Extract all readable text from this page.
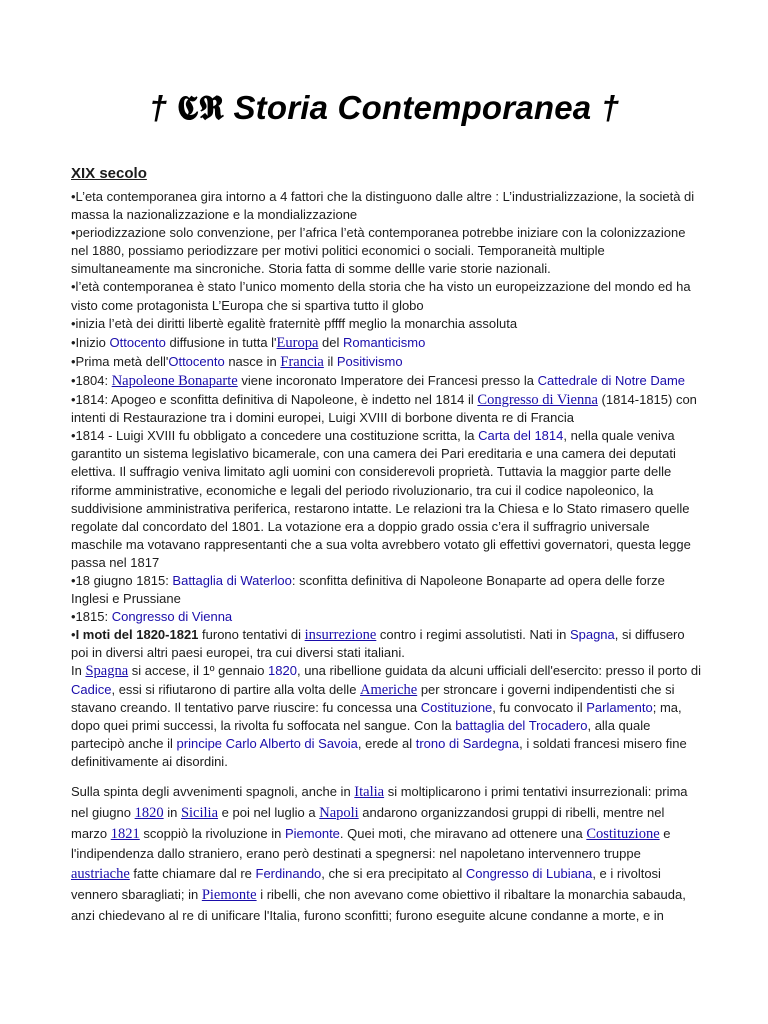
† 𝕮𝕽 Storia Contemporanea †
XIX secolo

•L’eta contemporanea gira intorno a 4 fattori che la distinguono dalle altre : L’industrializzazione, la società di massa la nazionalizzazione e la mondializzazione

•periodizzazione solo convenzione, per l’africa l’età contemporanea potrebbe iniziare con la colonizzazione nel 1880, possiamo periodizzare per motivi politici economici o sociali. Temporaneità multiple simultaneamente ma sincroniche. Storia fatta di somme dellle varie storie nazionali.

•l’età contemporanea è stato l’unico momento della storia che ha visto un europeizzazione del mondo ed ha visto come protagonista L’Europa che si spartiva tutto il globo

•inizia l’età dei diritti libertè egalitè fraternitè pffff meglio la monarchia assoluta

•Inizio Ottocento diffusione in tutta l'Europa del Romanticismo

•Prima metà dell'Ottocento nasce in Francia il Positivismo

•1804: Napoleone Bonaparte viene incoronato Imperatore dei Francesi presso la Cattedrale di Notre Dame

•1814: Apogeo e sconfitta definitiva di Napoleone, è indetto nel 1814 il Congresso di Vienna (1814-1815) con intenti di Restaurazione tra i domini europei, Luigi XVIII di borbone diventa re di Francia

•1814 - Luigi XVIII fu obbligato a concedere una costituzione scritta, la Carta del 1814, nella quale veniva garantito un sistema legislativo bicamerale, con una camera dei Pari ereditaria e una camera dei deputati elettiva. Il suffragio veniva limitato agli uomini con considerevoli proprietà. Tuttavia la maggior parte delle riforme amministrative, economiche e legali del periodo rivoluzionario, tra cui il codice napoleonico, la suddivisione amministrativa periferica, restarono intatte. Le relazioni tra la Chiesa e lo Stato rimasero quelle regolate dal concordato del 1801. La votazione era a doppio grado ossia c’era il suffragrio universale maschile ma votavano rappresentanti che a sua volta avrebbero votato gli effettivi governatori, questa legge passa nel 1817

•18 giugno 1815: Battaglia di Waterloo: sconfitta definitiva di Napoleone Bonaparte ad opera delle forze Inglesi e Prussiane

•1815: Congresso di Vienna

•I moti del 1820-1821 furono tentativi di insurrezione contro i regimi assolutisti. Nati in Spagna, si diffusero poi in diversi altri paesi europei, tra cui diversi stati italiani.

In Spagna si accese, il 1º gennaio 1820, una ribellione guidata da alcuni ufficiali dell'esercito: presso il porto di Cadice, essi si rifiutarono di partire alla volta delle Americhe per stroncare i governi indipendentisti che si stavano creando. Il tentativo parve riuscire: fu concessa una Costituzione, fu convocato il Parlamento; ma, dopo quei primi successi, la rivolta fu soffocata nel sangue. Con la battaglia del Trocadero, alla quale partecipò anche il principe Carlo Alberto di Savoia, erede al trono di Sardegna, i soldati francesi misero fine definitivamente ai disordini.

Sulla spinta degli avvenimenti spagnoli, anche in Italia si moltiplicarono i primi tentativi insurrezionali: prima nel giugno 1820 in Sicilia e poi nel luglio a Napoli andarono organizzandosi gruppi di ribelli, mentre nel marzo 1821 scoppiò la rivoluzione in Piemonte. Quei moti, che miravano ad ottenere una Costituzione e l'indipendenza dallo straniero, erano però destinati a spegnersi: nel napoletano intervennero truppe austriache fatte chiamare dal re Ferdinando, che si era precipitato al Congresso di Lubiana, e i rivoltosi vennero sbaragliati; in Piemonte i ribelli, che non avevano come obiettivo il ribaltare la monarchia sabauda, anzi chiedevano al re di unificare l'Italia, furono sconfitti; furono eseguite alcune condanne a morte, e in
